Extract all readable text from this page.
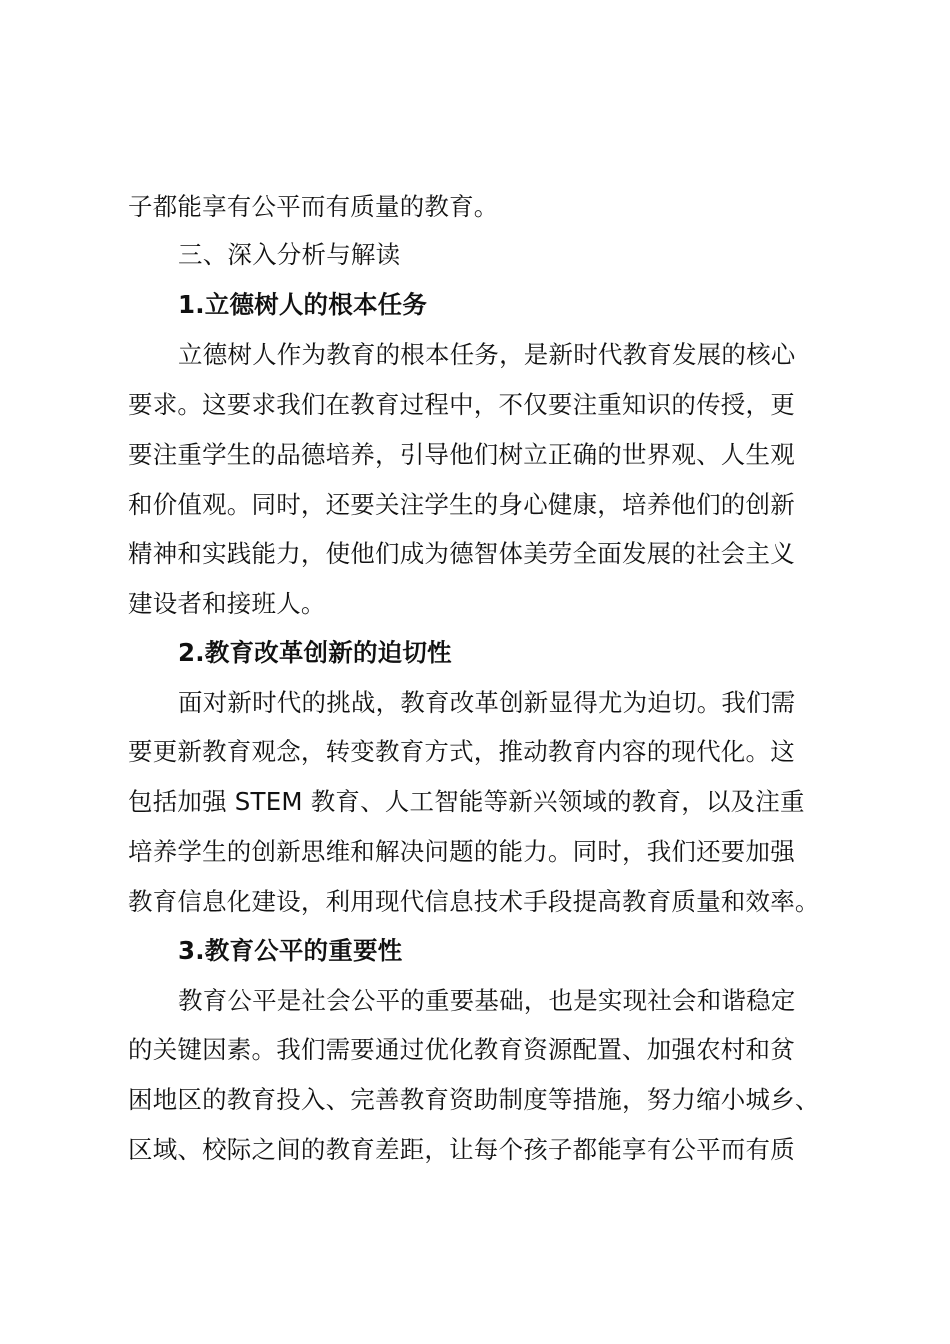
子都能享有公平而有质量的教育。
三、深入分析与解读
1.立德树人的根本任务
立德树人作为教育的根本任务，是新时代教育发展的核心
要求。这要求我们在教育过程中，不仅要注重知识的传授，更
要注重学生的品德培养，引导他们树立正确的世界观、人生观
和价值观。同时，还要关注学生的身心健康，培养他们的创新
精神和实践能力，使他们成为德智体美劳全面发展的社会主义
建设者和接班人。
2.教育改革创新的迫切性
面对新时代的挑战，教育改革创新显得尤为迫切。我们需
要更新教育观念，转变教育方式，推动教育内容的现代化。这
包括加强 STEM 教育、人工智能等新兴领域的教育，以及注重
培养学生的创新思维和解决问题的能力。同时，我们还要加强
教育信息化建设，利用现代信息技术手段提高教育质量和效率。
3.教育公平的重要性
教育公平是社会公平的重要基础，也是实现社会和谐稳定
的关键因素。我们需要通过优化教育资源配置、加强农村和贫
困地区的教育投入、完善教育资助制度等措施，努力缩小城乡、
区域、校际之间的教育差距，让每个孩子都能享有公平而有质
